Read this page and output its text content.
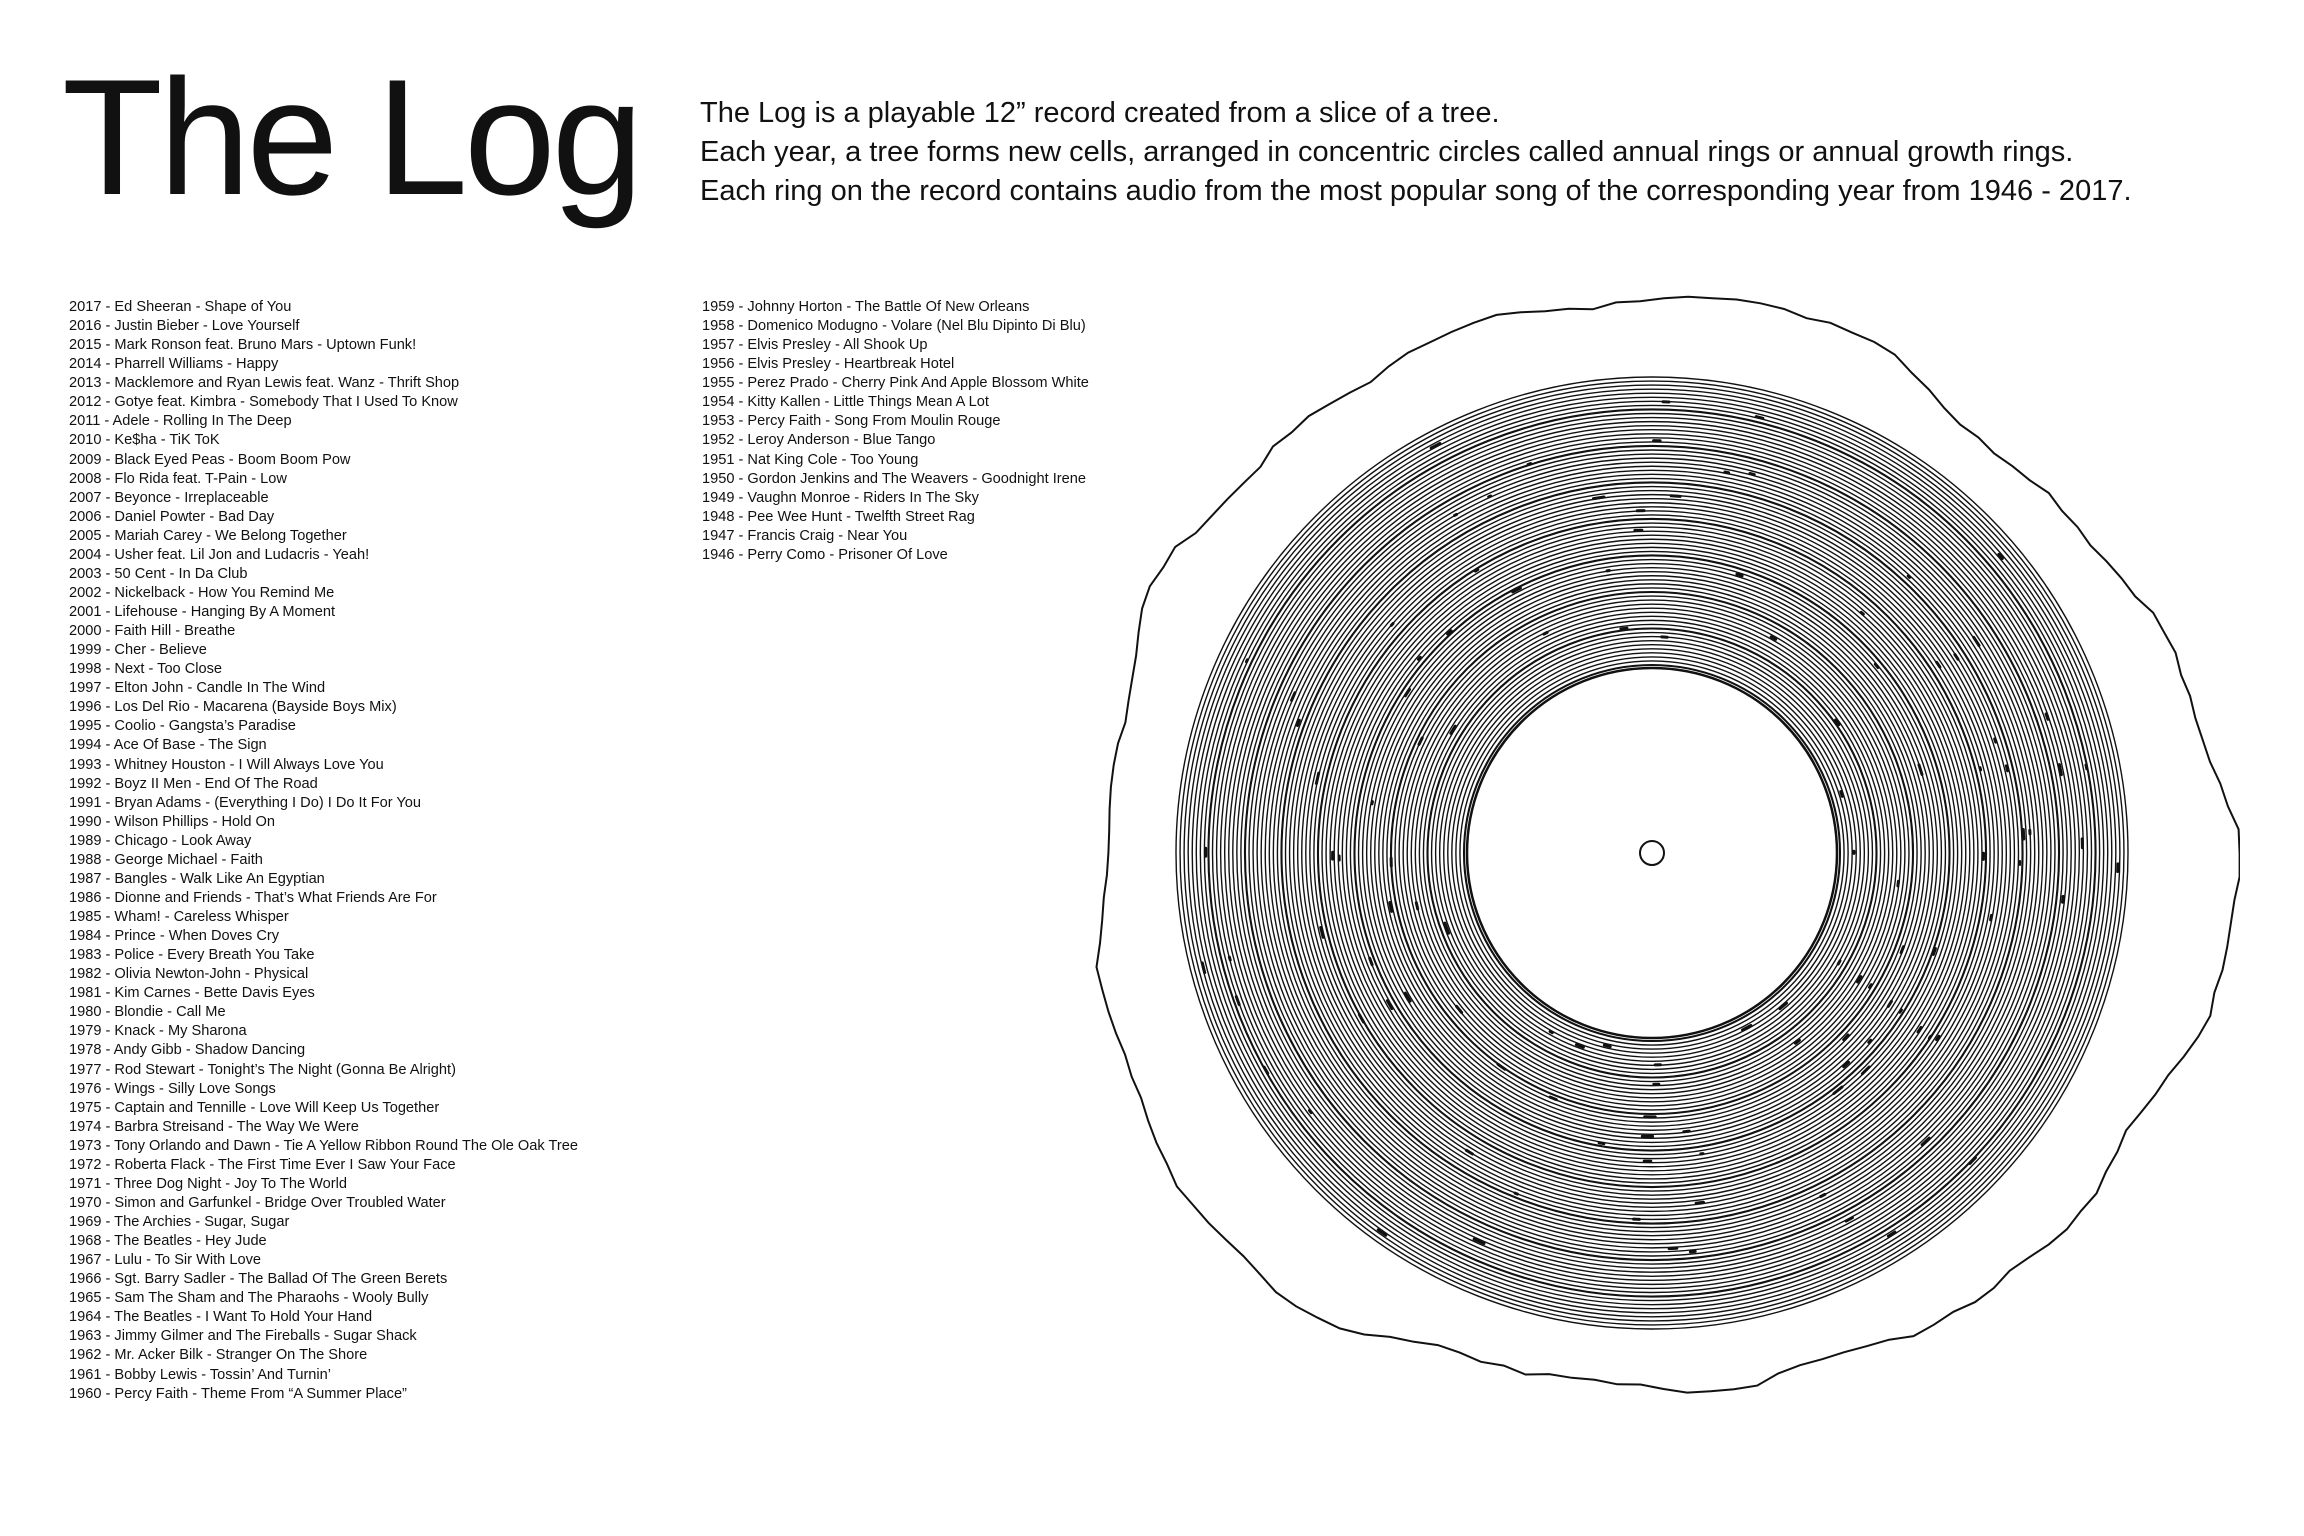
The Log The Log is a playable 12” record created from a slice of a tree.
Each year, a tree forms new cells, arranged in concentric circles called annual rings or annual growth rings.
Each ring on the record contains audio from the most popular song of the corresponding year from 1946 - 2017.
2017 - Ed Sheeran - Shape of You
2016 - Justin Bieber - Love Yourself
2015 - Mark Ronson feat. Bruno Mars - Uptown Funk!
2014 - Pharrell Williams - Happy
2013 - Macklemore and Ryan Lewis feat. Wanz - Thrift Shop
2012 - Gotye feat. Kimbra - Somebody That I Used To Know
2011 - Adele - Rolling In The Deep
2010 - Ke$ha - TiK ToK
2009 - Black Eyed Peas - Boom Boom Pow
2008 - Flo Rida feat. T-Pain - Low
2007 - Beyonce - Irreplaceable
2006 - Daniel Powter - Bad Day
2005 - Mariah Carey - We Belong Together
2004 - Usher feat. Lil Jon and Ludacris - Yeah!
2003 - 50 Cent - In Da Club
2002 - Nickelback - How You Remind Me
2001 - Lifehouse - Hanging By A Moment
2000 - Faith Hill - Breathe
1999 - Cher - Believe
1998 - Next - Too Close
1997 - Elton John - Candle In The Wind
1996 - Los Del Rio - Macarena (Bayside Boys Mix)
1995 - Coolio - Gangsta’s Paradise
1994 - Ace Of Base - The Sign
1993 - Whitney Houston - I Will Always Love You
1992 - Boyz II Men - End Of The Road
1991 - Bryan Adams - (Everything I Do) I Do It For You
1990 - Wilson Phillips - Hold On
1989 - Chicago - Look Away
1988 - George Michael - Faith
1987 - Bangles - Walk Like An Egyptian
1986 - Dionne and Friends - That’s What Friends Are For
1985 - Wham! - Careless Whisper
1984 - Prince - When Doves Cry
1983 - Police - Every Breath You Take
1982 - Olivia Newton-John - Physical
1981 - Kim Carnes - Bette Davis Eyes
1980 - Blondie - Call Me
1979 - Knack - My Sharona
1978 - Andy Gibb - Shadow Dancing
1977 - Rod Stewart - Tonight’s The Night (Gonna Be Alright)
1976 - Wings - Silly Love Songs
1975 - Captain and Tennille - Love Will Keep Us Together
1974 - Barbra Streisand - The Way We Were
1973 - Tony Orlando and Dawn - Tie A Yellow Ribbon Round The Ole Oak Tree
1972 - Roberta Flack - The First Time Ever I Saw Your Face
1971 - Three Dog Night - Joy To The World
1970 - Simon and Garfunkel - Bridge Over Troubled Water
1969 - The Archies - Sugar, Sugar
1968 - The Beatles - Hey Jude
1967 - Lulu - To Sir With Love
1966 - Sgt. Barry Sadler - The Ballad Of The Green Berets
1965 - Sam The Sham and The Pharaohs - Wooly Bully
1964 - The Beatles - I Want To Hold Your Hand
1963 - Jimmy Gilmer and The Fireballs - Sugar Shack
1962 - Mr. Acker Bilk - Stranger On The Shore
1961 - Bobby Lewis - Tossin’ And Turnin’
1960 - Percy Faith - Theme From “A Summer Place”
1959 - Johnny Horton - The Battle Of New Orleans
1958 - Domenico Modugno - Volare (Nel Blu Dipinto Di Blu)
1957 - Elvis Presley - All Shook Up
1956 - Elvis Presley - Heartbreak Hotel
1955 - Perez Prado - Cherry Pink And Apple Blossom White
1954 - Kitty Kallen - Little Things Mean A Lot
1953 - Percy Faith - Song From Moulin Rouge
1952 - Leroy Anderson - Blue Tango
1951 - Nat King Cole - Too Young
1950 - Gordon Jenkins and The Weavers - Goodnight Irene
1949 - Vaughn Monroe - Riders In The Sky
1948 - Pee Wee Hunt - Twelfth Street Rag
1947 - Francis Craig - Near You
1946 - Perry Como - Prisoner Of Love
